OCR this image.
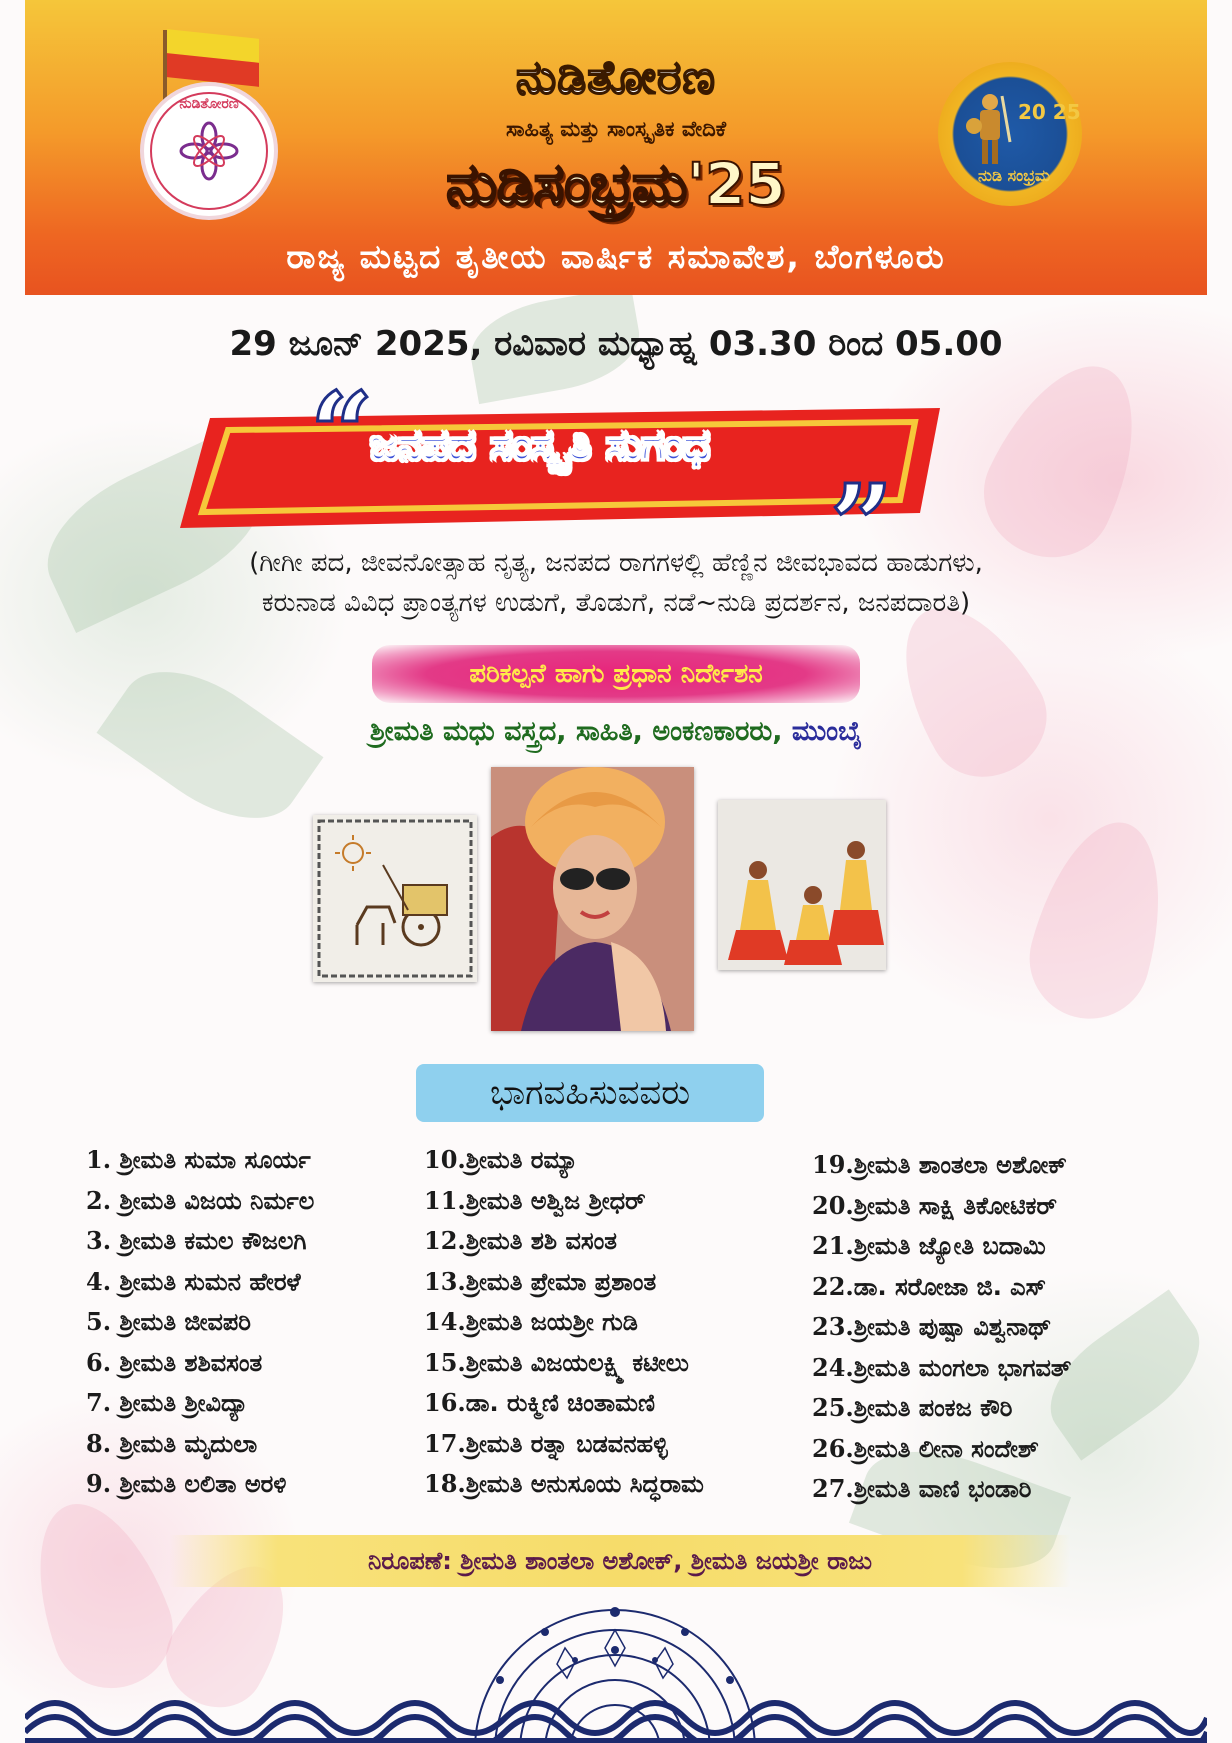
ನುಡಿತೋರಣ
ಸಾಹಿತ್ಯ ಮತ್ತು ಸಾಂಸ್ಕೃತಿಕ ವೇದಿಕೆ
ನುಡಿಸಂಭ್ರಮ'25
ರಾಜ್ಯ ಮಟ್ಟದ ತೃತೀಯ ವಾರ್ಷಿಕ ಸಮಾವೇಶ, ಬೆಂಗಳೂರು
ನುಡಿತೋರಣ	20 25
ನುಡಿ ಸಂಭ್ರಮ
29 ಜೂನ್ 2025, ರವಿವಾರ ಮಧ್ಯಾಹ್ನ 03.30 ರಿಂದ 05.00
“
”
ಜನಪದ ಸಂಸ್ಕೃತಿ ಸುಗಂಧ
(ಗೀಗೀ ಪದ, ಜೀವನೋತ್ಸಾಹ ನೃತ್ಯ, ಜನಪದ ರಾಗಗಳಲ್ಲಿ ಹೆಣ್ಣಿನ ಜೀವಭಾವದ ಹಾಡುಗಳು,
ಕರುನಾಡ ವಿವಿಧ ಪ್ರಾಂತ್ಯಗಳ ಉಡುಗೆ, ತೊಡುಗೆ, ನಡೆ~ನುಡಿ ಪ್ರದರ್ಶನ, ಜನಪದಾರತಿ)
ಪರಿಕಲ್ಪನೆ ಹಾಗು ಪ್ರಧಾನ ನಿರ್ದೇಶನ
ಶ್ರೀಮತಿ ಮಧು ವಸ್ತ್ರದ, ಸಾಹಿತಿ, ಅಂಕಣಕಾರರು, ಮುಂಬೈ
ಭಾಗವಹಿಸುವವರು
1. ಶ್ರೀಮತಿ ಸುಮಾ ಸೂರ್ಯ
2. ಶ್ರೀಮತಿ ವಿಜಯ ನಿರ್ಮಲ
3. ಶ್ರೀಮತಿ ಕಮಲ ಕೌಜಲಗಿ
4. ಶ್ರೀಮತಿ ಸುಮನ ಹೇರಳೆ
5. ಶ್ರೀಮತಿ ಜೀವಪರಿ
6. ಶ್ರೀಮತಿ ಶಶಿವಸಂತ
7. ಶ್ರೀಮತಿ ಶ್ರೀವಿದ್ಯಾ
8. ಶ್ರೀಮತಿ ಮೃದುಲಾ
9. ಶ್ರೀಮತಿ ಲಲಿತಾ ಅರಳಿ
10.ಶ್ರೀಮತಿ ರಮ್ಯಾ
11.ಶ್ರೀಮತಿ ಅಶ್ವಿಜ ಶ್ರೀಧರ್
12.ಶ್ರೀಮತಿ ಶಶಿ ವಸಂತ
13.ಶ್ರೀಮತಿ ಪ್ರೇಮಾ ಪ್ರಶಾಂತ
14.ಶ್ರೀಮತಿ ಜಯಶ್ರೀ ಗುಡಿ
15.ಶ್ರೀಮತಿ ವಿಜಯಲಕ್ಷ್ಮಿ ಕಟೀಲು
16.ಡಾ. ರುಕ್ಮಿಣಿ ಚಿಂತಾಮಣಿ
17.ಶ್ರೀಮತಿ ರತ್ನಾ ಬಡವನಹಳ್ಳಿ
18.ಶ್ರೀಮತಿ ಅನುಸೂಯ ಸಿದ್ಧರಾಮ
19.ಶ್ರೀಮತಿ ಶಾಂತಲಾ ಅಶೋಕ್
20.ಶ್ರೀಮತಿ ಸಾಕ್ಷಿ ತಿಕೋಟಿಕರ್
21.ಶ್ರೀಮತಿ ಜ್ಯೋತಿ ಬದಾಮಿ
22.ಡಾ. ಸರೋಜಾ ಜಿ. ಎಸ್
23.ಶ್ರೀಮತಿ ಪುಷ್ಪಾ ವಿಶ್ವನಾಥ್
24.ಶ್ರೀಮತಿ ಮಂಗಲಾ ಭಾಗವತ್
25.ಶ್ರೀಮತಿ ಪಂಕಜ ಕೌರಿ
26.ಶ್ರೀಮತಿ ಲೀನಾ ಸಂದೇಶ್
27.ಶ್ರೀಮತಿ ವಾಣಿ ಭಂಡಾರಿ
ನಿರೂಪಣೆ: ಶ್ರೀಮತಿ ಶಾಂತಲಾ ಅಶೋಕ್, ಶ್ರೀಮತಿ ಜಯಶ್ರೀ ರಾಜು
